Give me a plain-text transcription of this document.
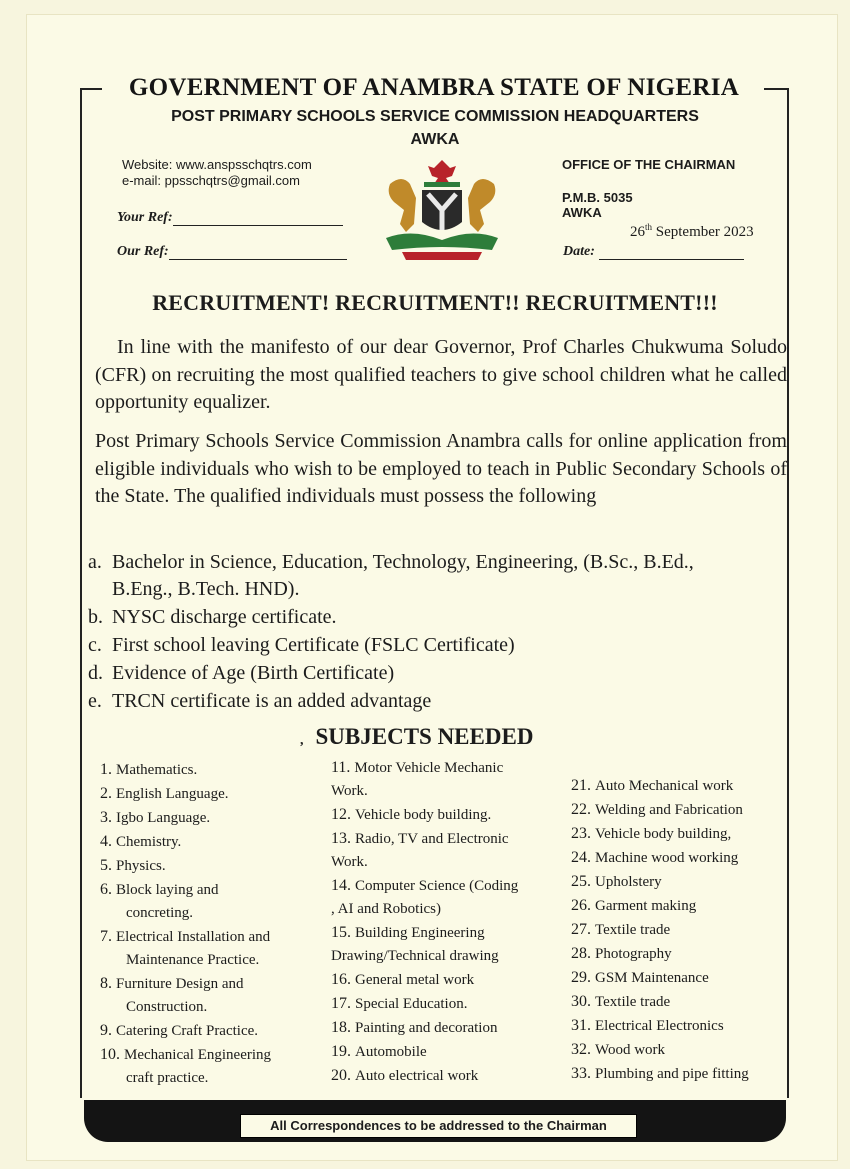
GOVERNMENT OF ANAMBRA STATE OF NIGERIA
POST PRIMARY SCHOOLS SERVICE COMMISSION HEADQUARTERS
AWKA
Website: www.anspsschqtrs.com
e-mail: ppsschqtrs@gmail.com
Your Ref:
Our Ref:
OFFICE OF THE CHAIRMAN
P.M.B. 5035
AWKA
26th September 2023
Date:
RECRUITMENT! RECRUITMENT!! RECRUITMENT!!!
In line with the manifesto of our dear Governor, Prof Charles Chukwuma Soludo (CFR) on recruiting the most qualified teachers to give school children what he called opportunity equalizer.
Post Primary Schools Service Commission Anambra calls for online application from eligible individuals who wish to be employed to teach in Public Secondary Schools of the State. The qualified individuals must possess the following
a. Bachelor in Science, Education, Technology, Engineering, (B.Sc., B.Ed.,
B.Eng., B.Tech. HND).
b. NYSC discharge certificate.
c. First school leaving Certificate (FSLC Certificate)
d. Evidence of Age (Birth Certificate)
e. TRCN certificate is an added advantage
, SUBJECTS NEEDED
1. Mathematics.
2. English Language.
3. Igbo Language.
4. Chemistry.
5. Physics.
6. Block laying and
concreting.
7. Electrical Installation and
Maintenance Practice.
8. Furniture Design and
Construction.
9. Catering Craft Practice.
10. Mechanical Engineering
craft practice.
11. Motor Vehicle Mechanic
Work.
12. Vehicle body building.
13. Radio, TV and Electronic
Work.
14. Computer Science (Coding
, AI and Robotics)
15. Building Engineering
Drawing/Technical drawing
16. General metal work
17. Special Education.
18. Painting and decoration
19. Automobile
20. Auto electrical work
21. Auto Mechanical work
22. Welding and Fabrication
23. Vehicle body building,
24. Machine wood working
25. Upholstery
26. Garment making
27. Textile trade
28. Photography
29. GSM Maintenance
30. Textile trade
31. Electrical Electronics
32. Wood work
33. Plumbing and pipe fitting
All Correspondences to be addressed to the Chairman
